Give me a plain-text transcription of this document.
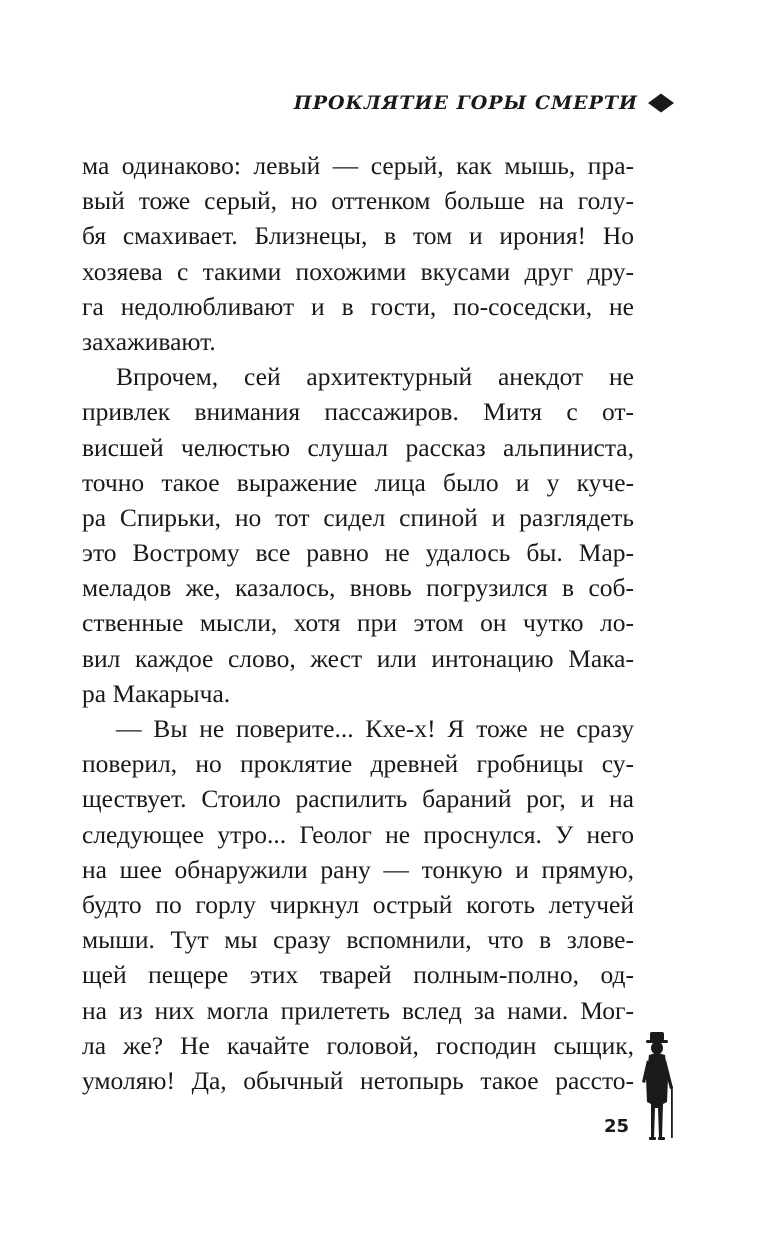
ПРОКЛЯТИЕ ГОРЫ СМЕРТИ
ма одинаково: левый — серый, как мышь, пра-
вый тоже серый, но оттенком больше на голу-
бя смахивает. Близнецы, в том и ирония! Но
хозяева с такими похожими вкусами друг дру-
га недолюбливают и в гости, по-соседски, не
захаживают.
Впрочем, сей архитектурный анекдот не
привлек внимания пассажиров. Митя с от-
висшей челюстью слушал рассказ альпиниста,
точно такое выражение лица было и у куче-
ра Спирьки, но тот сидел спиной и разглядеть
это Вострому все равно не удалось бы. Мар-
меладов же, казалось, вновь погрузился в соб-
ственные мысли, хотя при этом он чутко ло-
вил каждое слово, жест или интонацию Мака-
ра Макарыча.
— Вы не поверите... Кхе-х! Я тоже не сразу
поверил, но проклятие древней гробницы су-
ществует. Стоило распилить бараний рог, и на
следующее утро... Геолог не проснулся. У него
на шее обнаружили рану — тонкую и прямую,
будто по горлу чиркнул острый коготь летучей
мыши. Тут мы сразу вспомнили, что в злове-
щей пещере этих тварей полным-полно, од-
на из них могла прилететь вслед за нами. Мог-
ла же? Не качайте головой, господин сыщик,
умоляю! Да, обычный нетопырь такое рассто-
25
